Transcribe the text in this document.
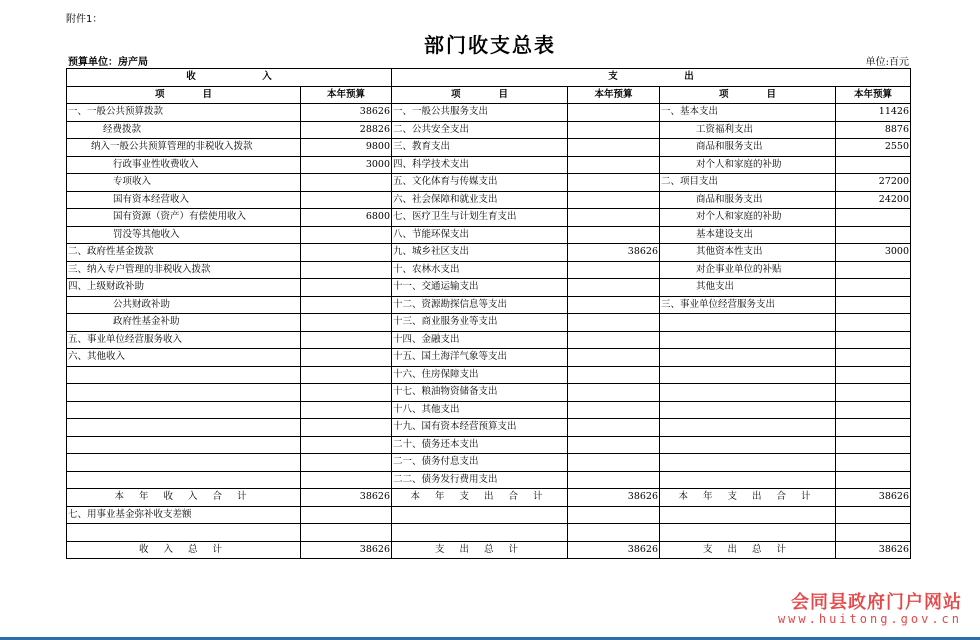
附件1：
部门收支总表
预算单位：房产局	单位:百元
收　　　　　　　入		支　　　　　　　出			
项　　　　目	本年预算	项　　　　目	本年预算	项　　　　目	本年预算
一、一般公共预算拨款	38626	一、一般公共服务支出		一、基本支出	11426
经费拨款	28826	二、公共安全支出		工资福利支出	8876
纳入一般公共预算管理的非税收入拨款	9800	三、教育支出		商品和服务支出	2550
行政事业性收费收入	3000	四、科学技术支出		对个人和家庭的补助	
专项收入		五、文化体育与传媒支出		二、项目支出	27200
国有资本经营收入		六、社会保障和就业支出		商品和服务支出	24200
国有资源（资产）有偿使用收入	6800	七、医疗卫生与计划生育支出		对个人和家庭的补助	
罚没等其他收入		八、节能环保支出		基本建设支出	
二、政府性基金拨款		九、城乡社区支出	38626	其他资本性支出	3000
三、纳入专户管理的非税收入拨款		十、农林水支出		对企事业单位的补贴	
四、上级财政补助		十一、交通运输支出		其他支出	
公共财政补助		十二、资源勘探信息等支出		三、事业单位经营服务支出	
政府性基金补助		十三、商业服务业等支出			
五、事业单位经营服务收入		十四、金融支出			
六、其他收入		十五、国土海洋气象等支出			
		十六、住房保障支出			
		十七、粮油物资储备支出			
		十八、其他支出			
		十九、国有资本经营预算支出			
		二十、债务还本支出			
		二一、债务付息支出			
		二二、债务发行费用支出			
本 年 收 入 合 计	38626	本 年 支 出 合 计	38626	本 年 支 出 合 计	38626
七、用事业基金弥补收支差额					

收 入 总 计	38626	支 出 总 计	38626	支 出 总 计	38626
会同县政府门户网站
www.huitong.gov.cn
